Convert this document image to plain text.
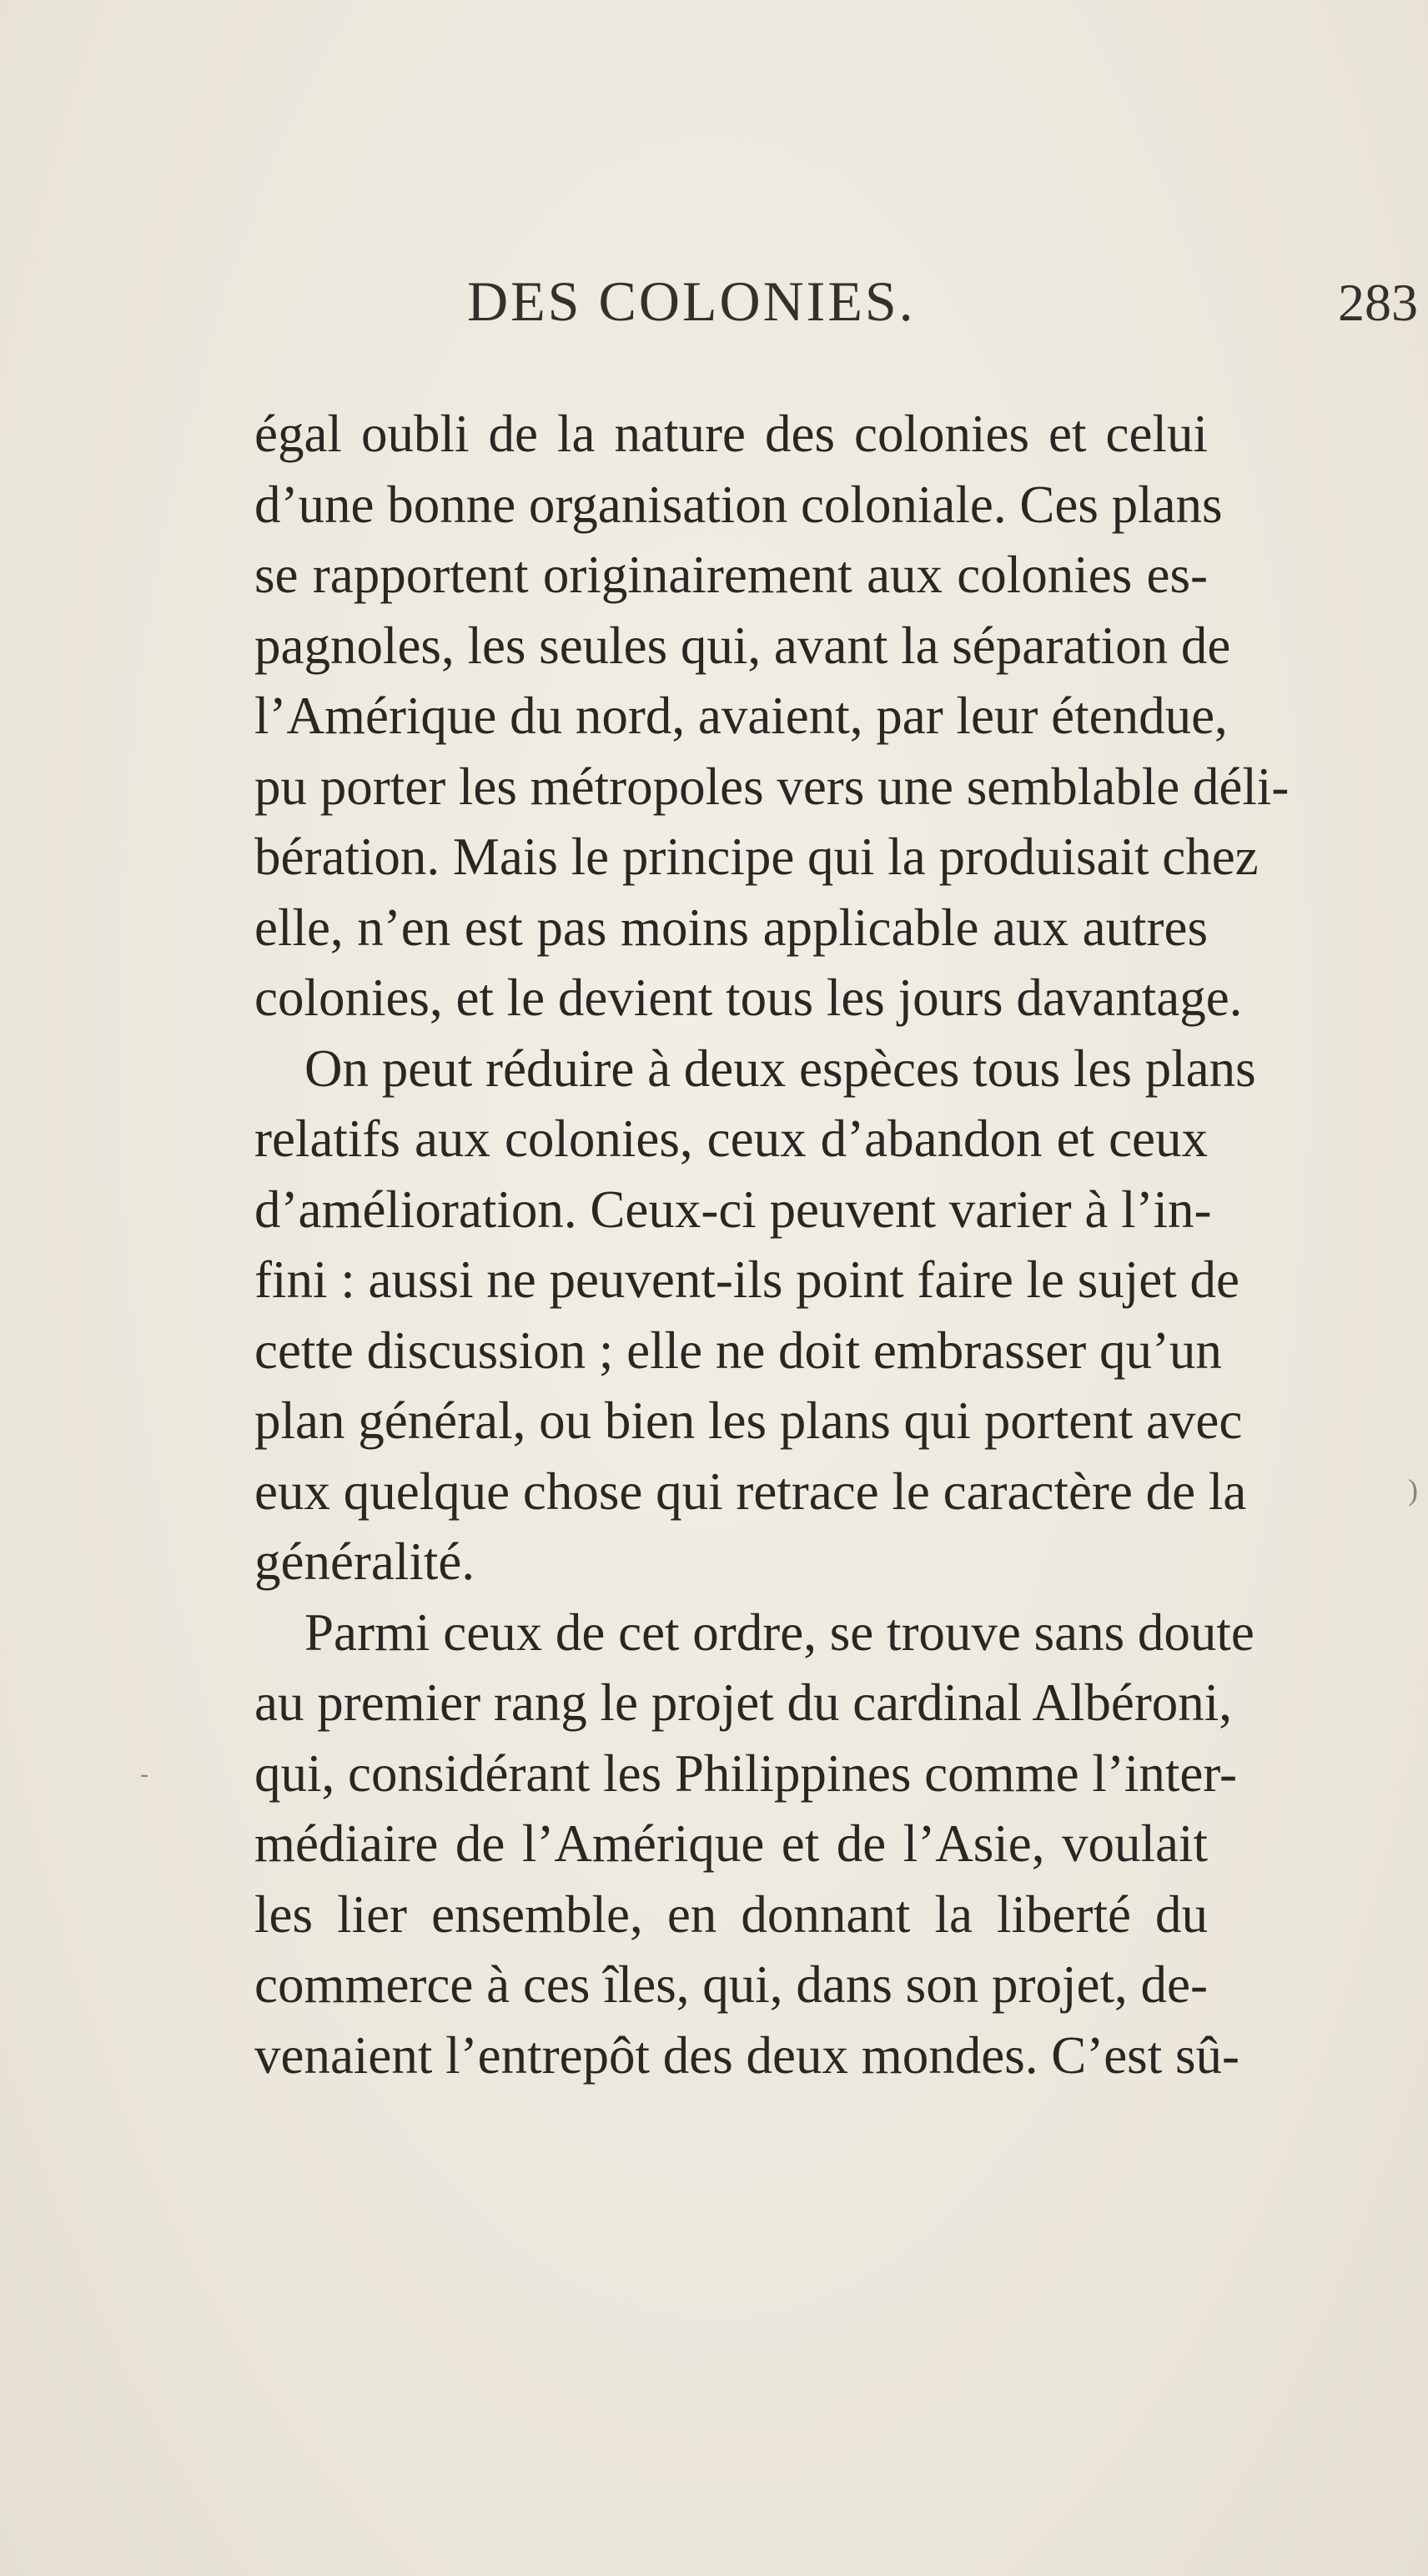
DES COLONIES.	283
égal oubli de la nature des colonies et celui
d’une bonne organisation coloniale. Ces plans
se rapportent originairement aux colonies es-
pagnoles, les seules qui, avant la séparation de
l’Amérique du nord, avaient, par leur étendue,
pu porter les métropoles vers une semblable déli-
bération. Mais le principe qui la produisait chez
elle, n’en est pas moins applicable aux autres
colonies, et le devient tous les jours davantage.
On peut réduire à deux espèces tous les plans
relatifs aux colonies, ceux d’abandon et ceux
d’amélioration. Ceux-ci peuvent varier à l’in-
fini : aussi ne peuvent-ils point faire le sujet de
cette discussion ; elle ne doit embrasser qu’un
plan général, ou bien les plans qui portent avec
eux quelque chose qui retrace le caractère de la
généralité.
Parmi ceux de cet ordre, se trouve sans doute
au premier rang le projet du cardinal Albéroni,
qui, considérant les Philippines comme l’inter-
médiaire de l’Amérique et de l’Asie, voulait
les lier ensemble, en donnant la liberté du
commerce à ces îles, qui, dans son projet, de-
venaient l’entrepôt des deux mondes. C’est sû-
)
-
